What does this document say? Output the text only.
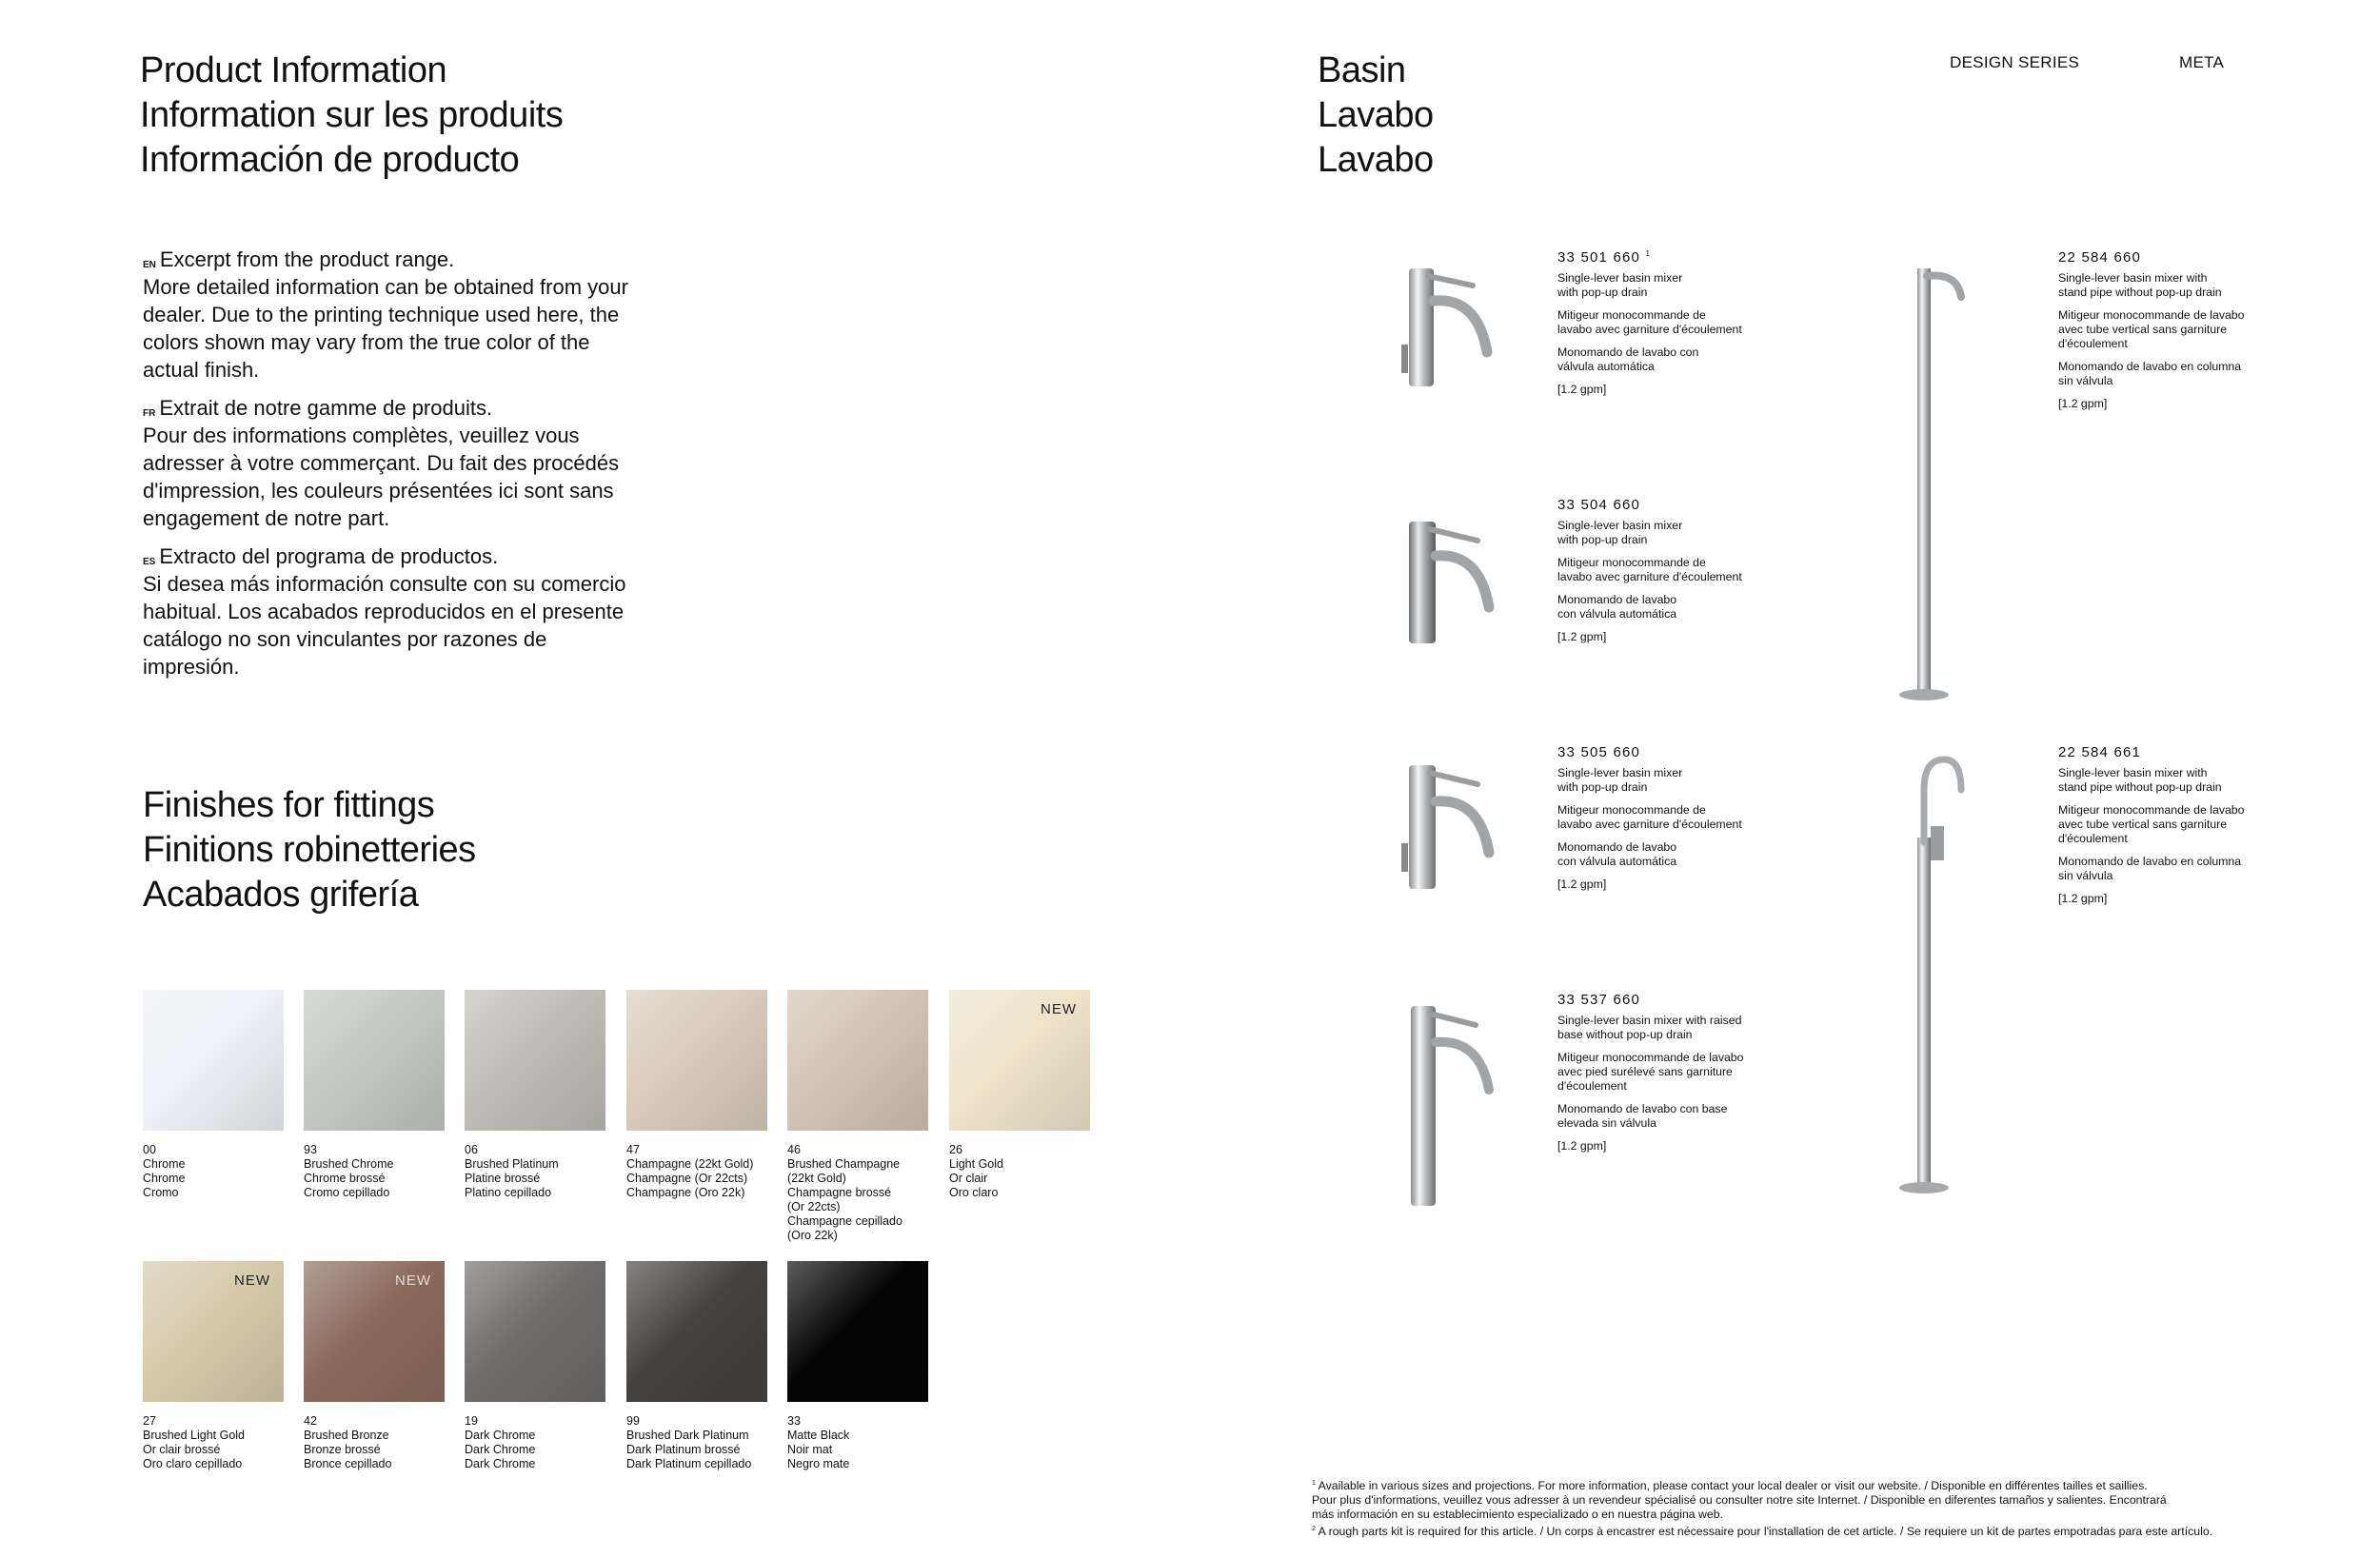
Product Information
Information sur les produits
Información de producto

$^{EN}$ Excerpt from the product range.
More detailed information can be obtained from your dealer. Due to the printing technique used here, the colors shown may vary from the true color of the actual finish.

$^{FR}$ Extrait de notre gamme de produits.
Pour des informations complètes, veuillez vous adresser à votre commerçant. Du fait des procédés d'impression, les couleurs présentées ici sont sans engagement de notre part.

$^{ES}$ Extracto del programa de productos.
Si desea más información consulte con su comercio habitual. Los acabados reproducidos en el presente catálogo no son vinculantes por razones de impresión.

Finishes for fittings
Finitions robinetteries
Acabados grifería
00
Chrome
Chrome
Cromo
93
Brushed Chrome
Chrome brossé
Cromo cepillado
06
Brushed Platinum
Platine brossé
Platino cepillado
47
Champagne (22kt Gold)
Champagne (Or 22cts)
Champagne (Oro 22k)
46
Brushed Champagne
(22kt Gold)
Champagne brossé
(Or 22cts)
Champagne cepillado
(Oro 22k)
NEW
26
Light Gold
Or clair
Oro claro
NEW
27
Brushed Light Gold
Or clair brossé
Oro claro cepillado
NEW
42
Brushed Bronze
Bronze brossé
Bronce cepillado
19
Dark Chrome
Dark Chrome
Dark Chrome
99
Brushed Dark Platinum
Dark Platinum brossé
Dark Platinum cepillado
33
Matte Black
Noir mat
Negro mate
Basin
Lavabo
Lavabo
DESIGN SERIES	META
33 501 660 $^1$
Single-lever basin mixer
with pop-up drain
Mitigeur monocommande de
lavabo avec garniture d'écoulement
Monomando de lavabo con
válvula automática
[1.2 gpm]
33 504 660
Single-lever basin mixer
with pop-up drain
Mitigeur monocommande de
lavabo avec garniture d'écoulement
Monomando de lavabo
con válvula automática
[1.2 gpm]
33 505 660
Single-lever basin mixer
with pop-up drain
Mitigeur monocommande de
lavabo avec garniture d'écoulement
Monomando de lavabo
con válvula automática
[1.2 gpm]
33 537 660
Single-lever basin mixer with raised
base without pop-up drain
Mitigeur monocommande de lavabo
avec pied surélevé sans garniture
d'écoulement
Monomando de lavabo con base
elevada sin válvula
[1.2 gpm]
22 584 660
Single-lever basin mixer with
stand pipe without pop-up drain
Mitigeur monocommande de lavabo
avec tube vertical sans garniture
d'écoulement
Monomando de lavabo en columna
sin válvula
[1.2 gpm]
22 584 661
Single-lever basin mixer with
stand pipe without pop-up drain
Mitigeur monocommande de lavabo
avec tube vertical sans garniture
d'écoulement
Monomando de lavabo en columna
sin válvula
[1.2 gpm]
$^1$ Available in various sizes and projections. For more information, please contact your local dealer or visit our website. / Disponible en différentes tailles et saillies.
Pour plus d'informations, veuillez vous adresser à un revendeur spécialisé ou consulter notre site Internet. / Disponible en diferentes tamaños y salientes. Encontrará
más información en su establecimiento especializado o en nuestra página web.
$^2$ A rough parts kit is required for this article. / Un corps à encastrer est nécessaire pour l'installation de cet article. / Se requiere un kit de partes empotradas para este artículo.
